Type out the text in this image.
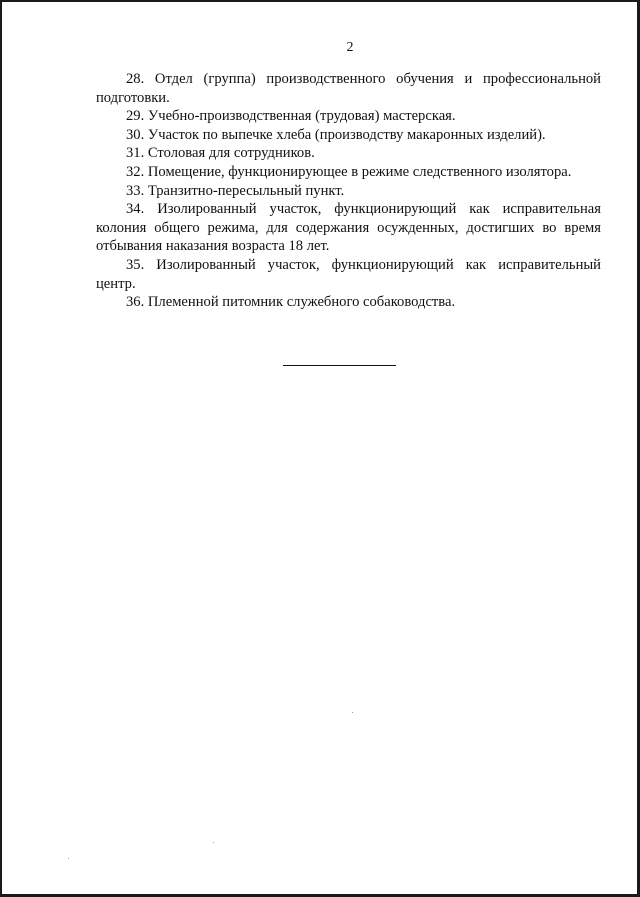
2

28. Отдел (группа) производственного обучения и профессиональной подготовки.

29. Учебно-производственная (трудовая) мастерская.

30. Участок по выпечке хлеба (производству макаронных изделий).

31. Столовая для сотрудников.

32. Помещение, функционирующее в режиме следственного изолятора.

33. Транзитно-пересыльный пункт.

34. Изолированный участок, функционирующий как исправительная колония общего режима, для содержания осужденных, достигших во время отбывания наказания возраста 18 лет.

35. Изолированный участок, функционирующий как исправительный центр.

36. Племенной питомник служебного собаководства.
